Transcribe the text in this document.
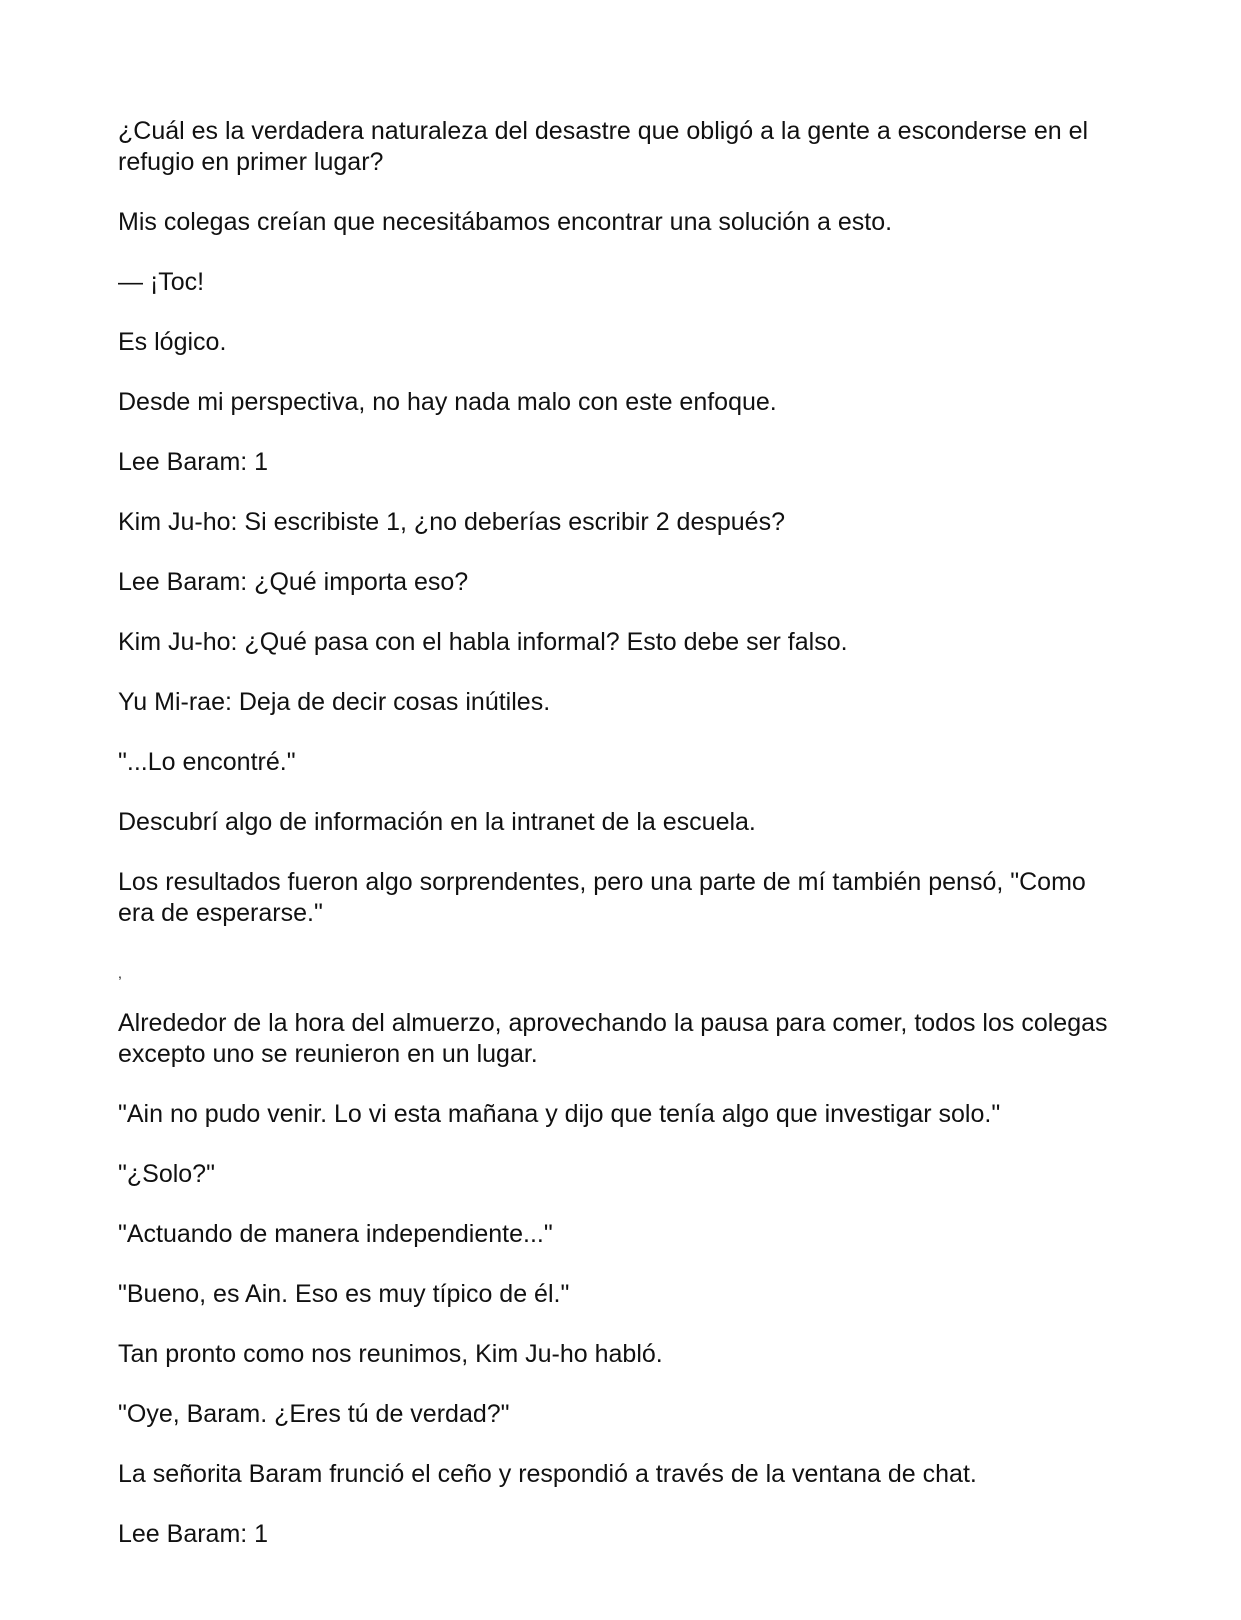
¿Cuál es la verdadera naturaleza del desastre que obligó a la gente a esconderse en el refugio en primer lugar?

Mis colegas creían que necesitábamos encontrar una solución a esto.

— ¡Toc!

Es lógico.

Desde mi perspectiva, no hay nada malo con este enfoque.

Lee Baram: 1

Kim Ju-ho: Si escribiste 1, ¿no deberías escribir 2 después?

Lee Baram: ¿Qué importa eso?

Kim Ju-ho: ¿Qué pasa con el habla informal? Esto debe ser falso.

Yu Mi-rae: Deja de decir cosas inútiles.

"...Lo encontré."

Descubrí algo de información en la intranet de la escuela.

Los resultados fueron algo sorprendentes, pero una parte de mí también pensó, "Como era de esperarse."

,

Alrededor de la hora del almuerzo, aprovechando la pausa para comer, todos los colegas excepto uno se reunieron en un lugar.

"Ain no pudo venir. Lo vi esta mañana y dijo que tenía algo que investigar solo."

"¿Solo?"

"Actuando de manera independiente..."

"Bueno, es Ain. Eso es muy típico de él."

Tan pronto como nos reunimos, Kim Ju-ho habló.

"Oye, Baram. ¿Eres tú de verdad?"

La señorita Baram frunció el ceño y respondió a través de la ventana de chat.

Lee Baram: 1
